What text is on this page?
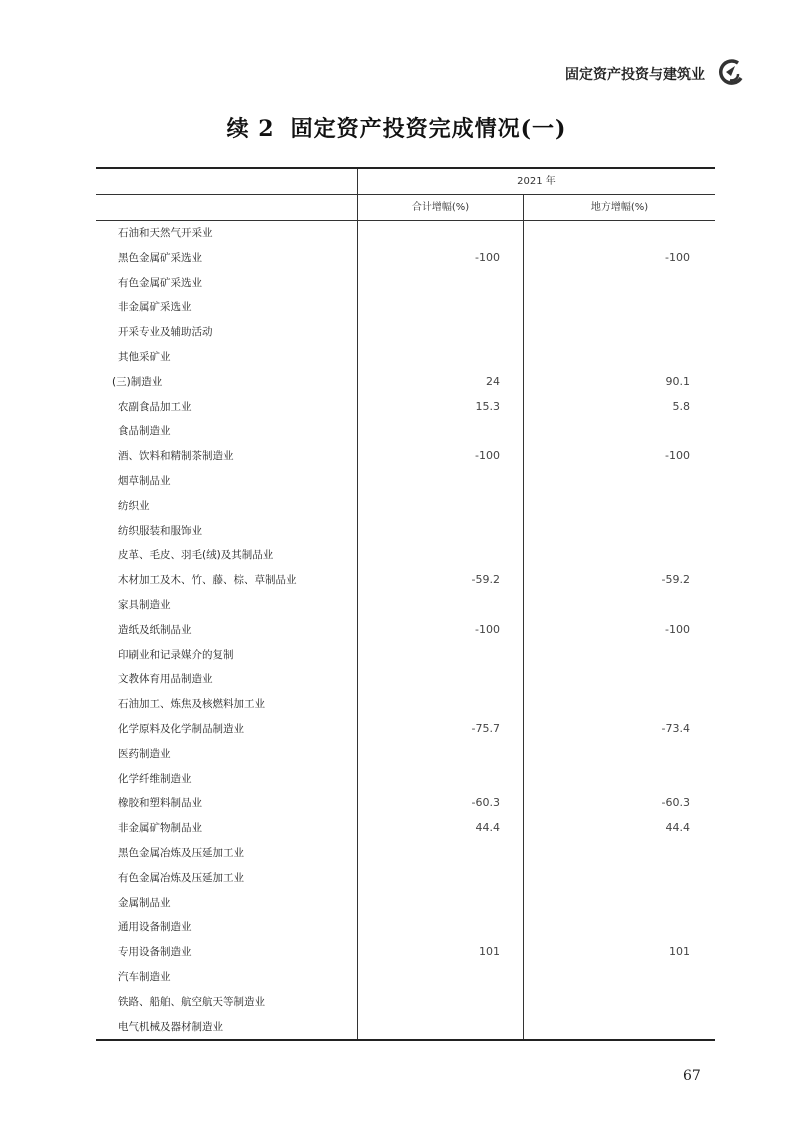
固定资产投资与建筑业
续 2 固定资产投资完成情况(一)
2021 年
合计增幅(%)	地方增幅(%)
石油和天然气开采业
黑色金属矿采选业	-100	-100
有色金属矿采选业
非金属矿采选业
开采专业及辅助活动
其他采矿业
(三)制造业	24	90.1
农副食品加工业	15.3	5.8
食品制造业
酒、饮料和精制茶制造业	-100	-100
烟草制品业
纺织业
纺织服装和服饰业
皮革、毛皮、羽毛(绒)及其制品业
木材加工及木、竹、藤、棕、草制品业	-59.2	-59.2
家具制造业
造纸及纸制品业	-100	-100
印刷业和记录媒介的复制
文教体育用品制造业
石油加工、炼焦及核燃料加工业
化学原料及化学制品制造业	-75.7	-73.4
医药制造业
化学纤维制造业
橡胶和塑料制品业	-60.3	-60.3
非金属矿物制品业	44.4	44.4
黑色金属冶炼及压延加工业
有色金属冶炼及压延加工业
金属制品业
通用设备制造业
专用设备制造业	101	101
汽车制造业
铁路、船舶、航空航天等制造业
电气机械及器材制造业
67
